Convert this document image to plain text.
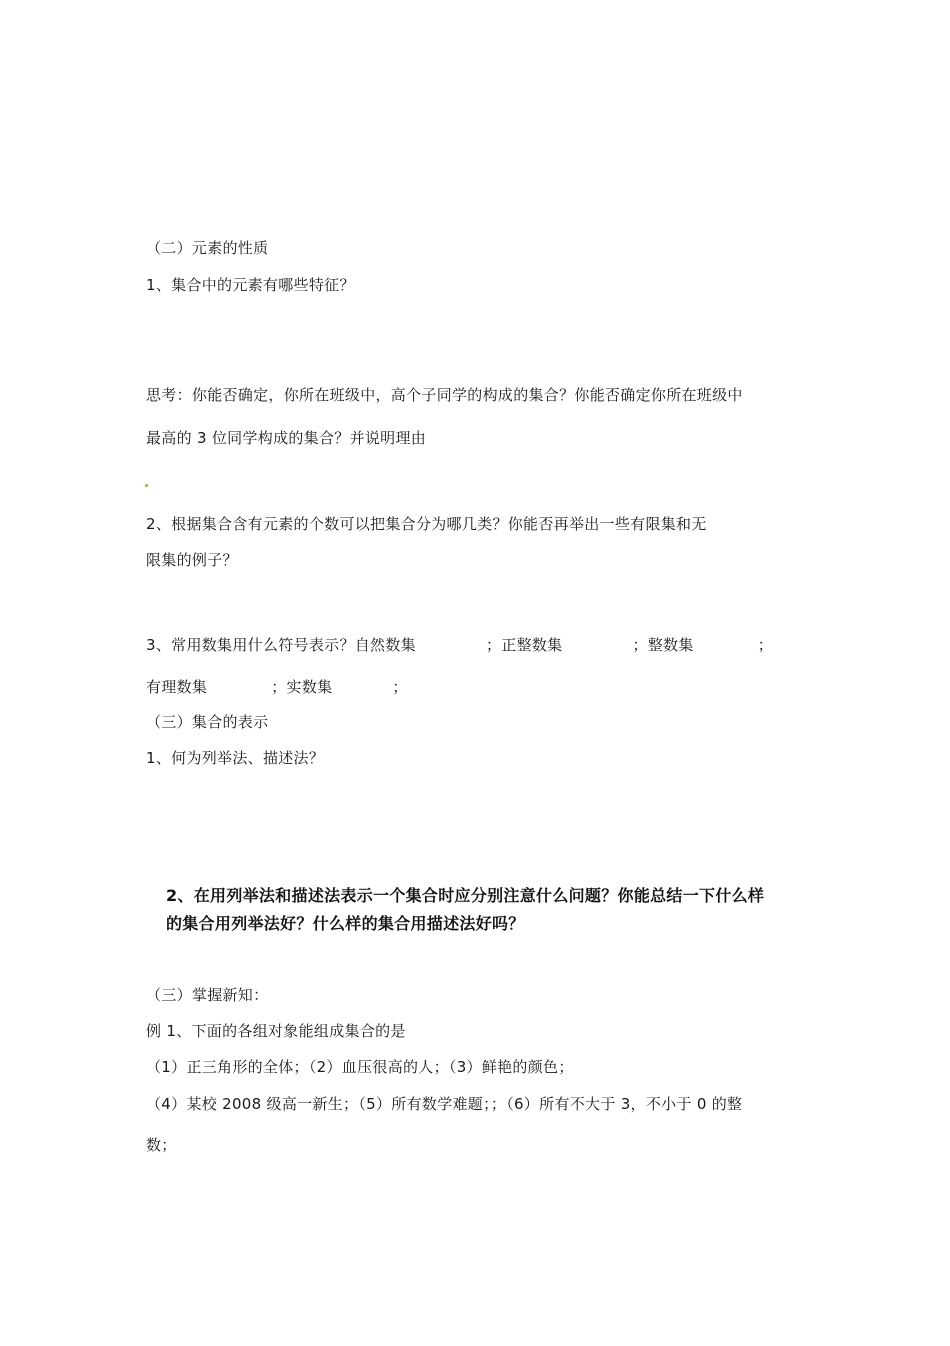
（二）元素的性质
1、集合中的元素有哪些特征？
思考：你能否确定，你所在班级中，高个子同学的构成的集合？你能否确定你所在班级中
最高的 3 位同学构成的集合？并说明理由
2、根据集合含有元素的个数可以把集合分为哪几类？你能否再举出一些有限集和无
限集的例子？
3、常用数集用什么符号表示？自然数集	；正整数集	；整数集	；
有理数集	；实数集	；
（三）集合的表示
1、何为列举法、描述法？
2、在用列举法和描述法表示一个集合时应分别注意什么问题？你能总结一下什么样
的集合用列举法好？什么样的集合用描述法好吗？
（三）掌握新知：
例 1、下面的各组对象能组成集合的是
（1）正三角形的全体；（2）血压很高的人；（3）鲜艳的颜色；
（4）某校 2008 级高一新生；（5）所有数学难题；；（6）所有不大于 3，不小于 0 的整
数；
